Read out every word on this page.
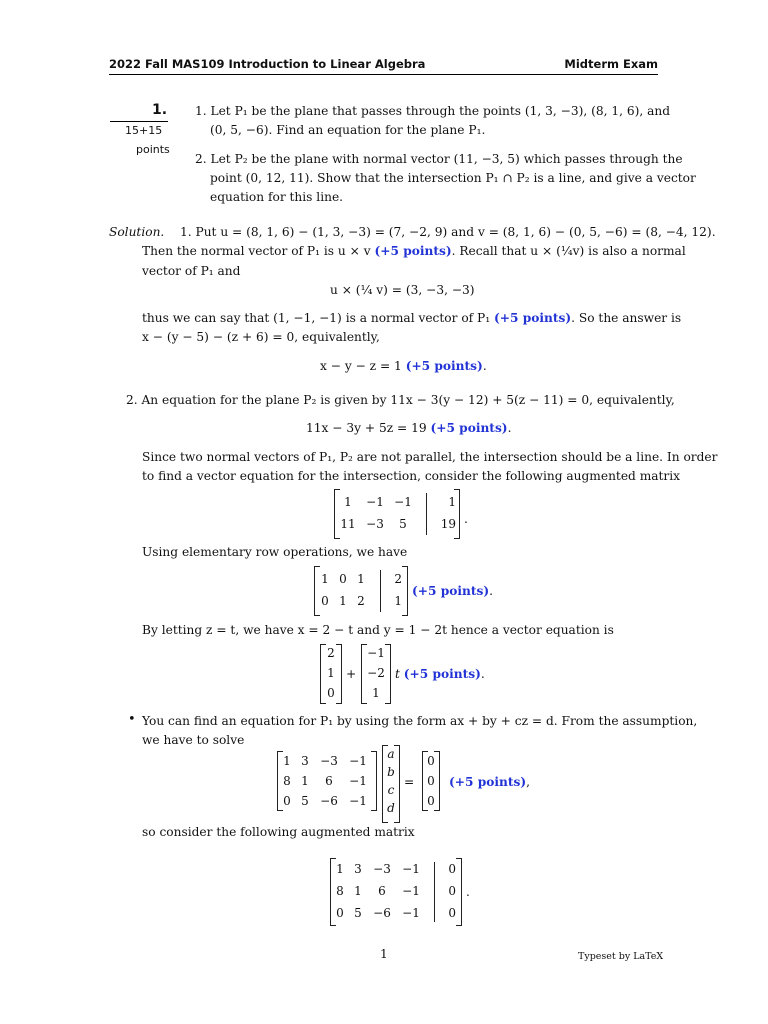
2022 Fall MAS109 Introduction to Linear Algebra	Midterm Exam
1.
15+15
points
1. Let P₁ be the plane that passes through the points (1, 3, −3), (8, 1, 6), and
(0, 5, −6). Find an equation for the plane P₁.
2. Let P₂ be the plane with normal vector (11, −3, 5) which passes through the
point (0, 12, 11). Show that the intersection P₁ ∩ P₂ is a line, and give a vector
equation for this line.
Solution. 1. Put u = (8, 1, 6) − (1, 3, −3) = (7, −2, 9) and v = (8, 1, 6) − (0, 5, −6) = (8, −4, 12).
Then the normal vector of P₁ is u × v (+5 points). Recall that u × (¼v) is also a normal
vector of P₁ and
u × (¼ v) = (3, −3, −3)
thus we can say that (1, −1, −1) is a normal vector of P₁ (+5 points). So the answer is
x − (y − 5) − (z + 6) = 0, equivalently,
x − y − z = 1 (+5 points).
2. An equation for the plane P₂ is given by 11x − 3(y − 12) + 5(z − 11) = 0, equivalently,
11x − 3y + 5z = 19 (+5 points).
Since two normal vectors of P₁, P₂ are not parallel, the intersection should be a line. In order
to find a vector equation for the intersection, consider the following augmented matrix
1	−1 −1	1
11 −3	5	19 .
Using elementary row operations, we have
1 0 1	2
0 1 2	1
(+5 points).
By letting z = t, we have x = 2 − t and y = 1 − 2t hence a vector equation is
2
1
0
+
−1
−2
1
t (+5 points).
• You can find an equation for P₁ by using the form ax + by + cz = d. From the assumption,
we have to solve
1 3 −3 −1
8 1	6	−1
0 5 −6 −1
a
b
c
d
=
0
0
0
(+5 points),
so consider the following augmented matrix
1 3 −3 −1	0
8 1	6	−1	0
0 5 −6 −1	0
.
1	Typeset by LaTeX
